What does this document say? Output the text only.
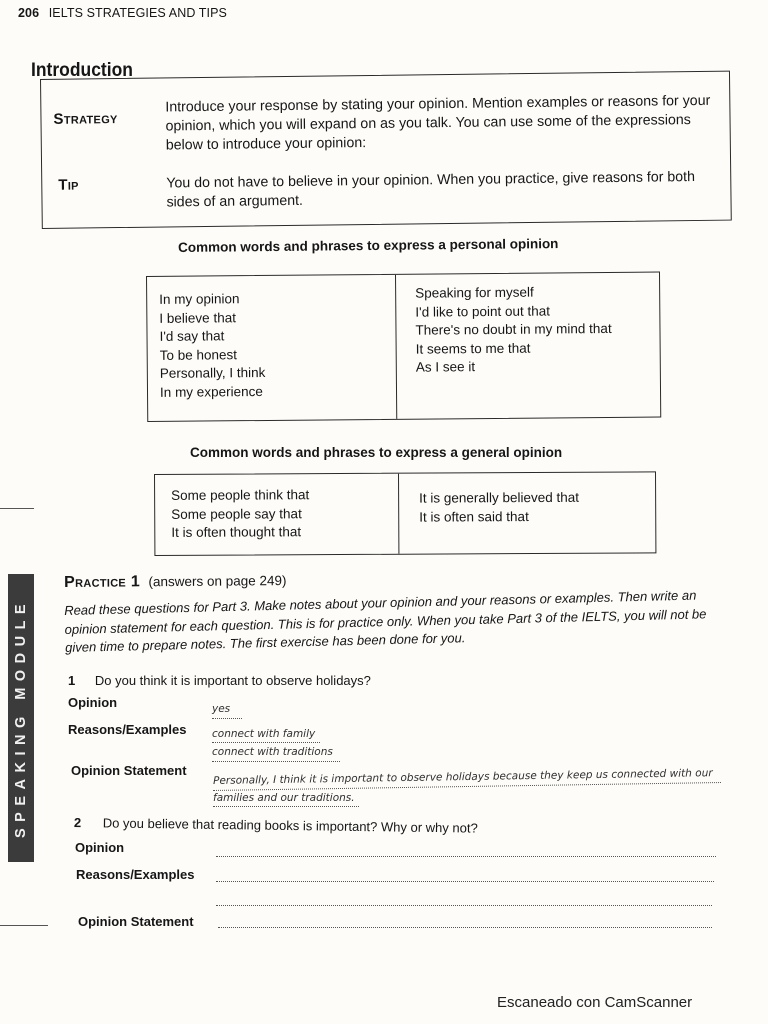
206 IELTS STRATEGIES AND TIPS
Introduction
Strategy
Introduce your response by stating your opinion. Mention examples or reasons for your opinion, which you will expand on as you talk. You can use some of the expressions below to introduce your opinion:
Tip	You do not have to believe in your opinion. When you practice, give reasons for both sides of an argument.
Common words and phrases to express a personal opinion
In my opinion
I believe that
I'd say that
To be honest
Personally, I think
In my experience
Speaking for myself
I'd like to point out that
There's no doubt in my mind that
It seems to me that
As I see it
Common words and phrases to express a general opinion
Some people think that
Some people say that
It is often thought that
It is generally believed that
It is often said that
SPEAKING MODULE
Practice 1 (answers on page 249)
Read these questions for Part 3. Make notes about your opinion and your reasons or examples. Then write an opinion statement for each question. This is for practice only. When you take Part 3 of the IELTS, you will not be given time to prepare notes. The first exercise has been done for you.
1 Do you think it is important to observe holidays?
Opinion	yes
Reasons/Examples connect with family
connect with traditions
Opinion Statement	Personally, I think it is important to observe holidays because they keep us connected with our
families and our traditions.
2 Do you believe that reading books is important? Why or why not?
Opinion
Reasons/Examples
Opinion Statement
Escaneado con CamScanner
